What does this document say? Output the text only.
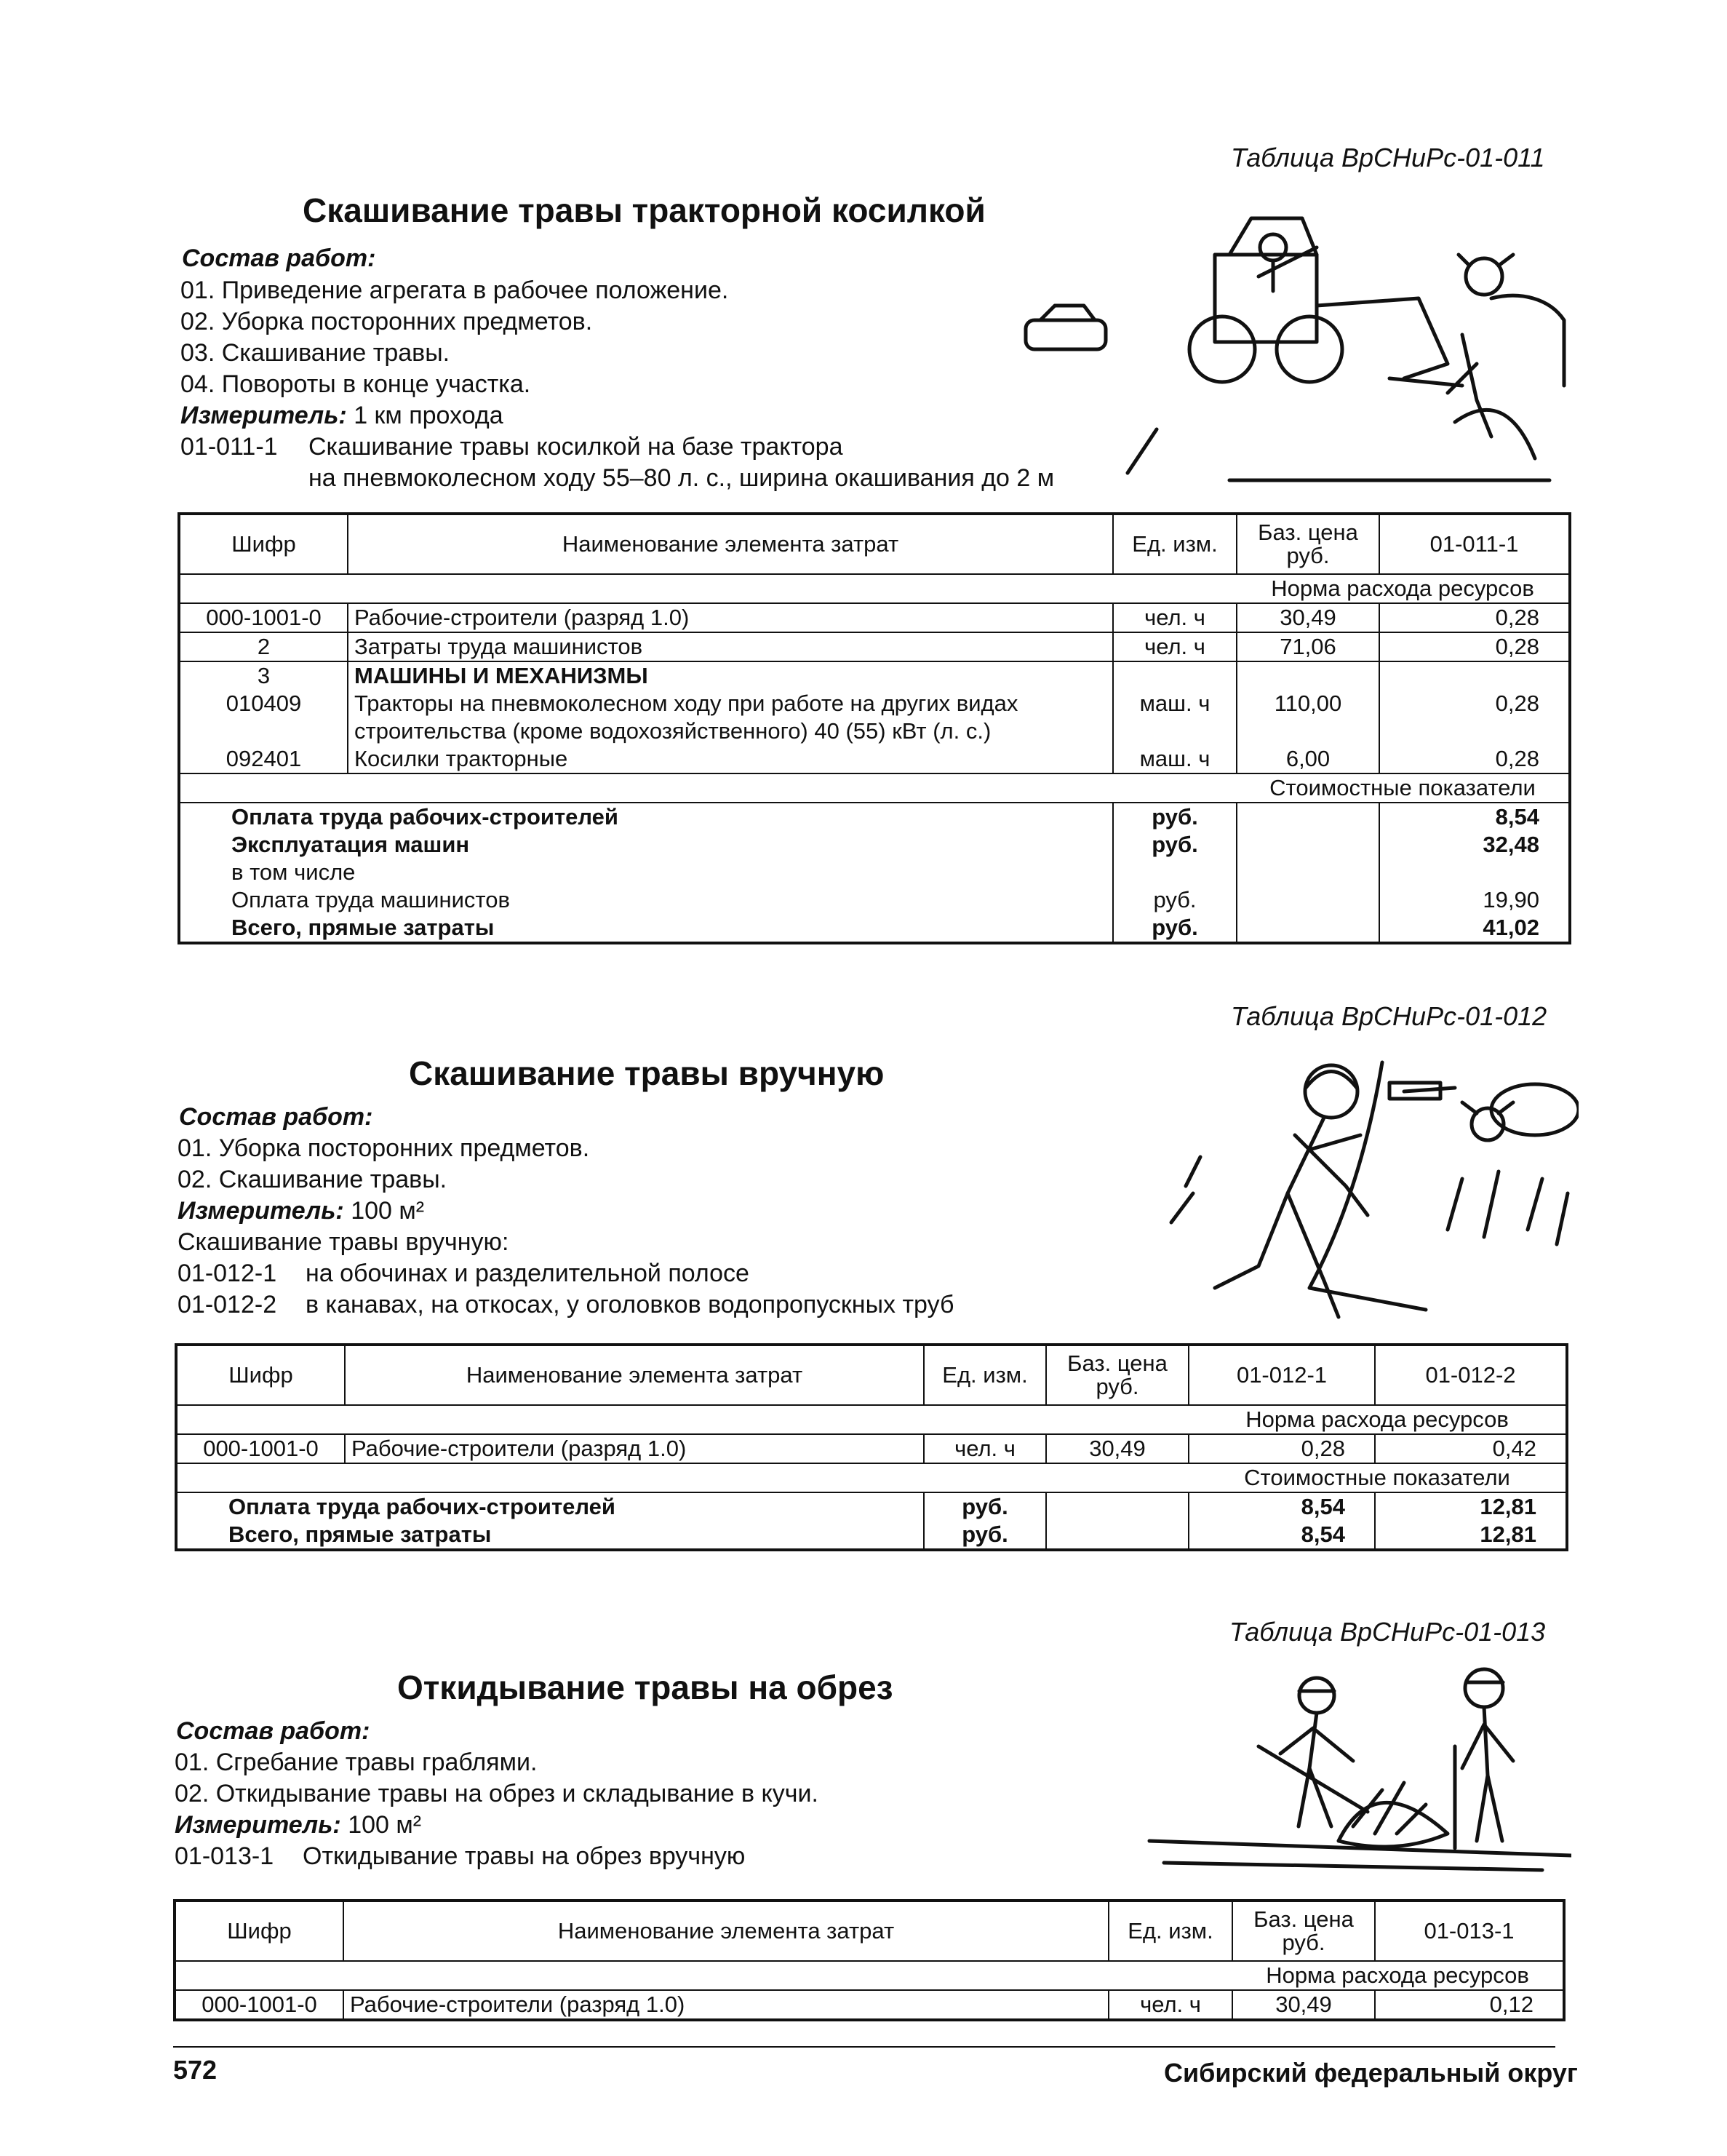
Таблица ВрСНиРс-01-011
Скашивание травы тракторной косилкой
Состав работ:
01. Приведение агрегата в рабочее положение.
02. Уборка посторонних предметов.
03. Скашивание травы.
04. Повороты в конце участка.
Измеритель: 1 км прохода
01-011-1 Скашивание травы косилкой на базе трактора
на пневмоколесном ходу 55–80 л. с., ширина окашивания до 2 м
Шифр	Наименование элемента затрат	Ед. изм.	Баз. цена руб.	01-011-1
			Норма расхода ресурсов	
000-1001-0	Рабочие-строители (разряд 1.0)	чел. ч	30,49	0,28
2	Затраты труда машинистов	чел. ч	71,06	0,28
3	МАШИНЫ И МЕХАНИЗМЫ			
010409	Тракторы на пневмоколесном ходу при работе на других видах	маш. ч	110,00	0,28
	строительства (кроме водохозяйственного) 40 (55) кВт (л. с.)			
092401	Косилки тракторные	маш. ч	6,00	0,28
			Стоимостные показатели	
Оплата труда рабочих-строителей		руб.		8,54
Эксплуатация машин		руб.		32,48
в том числе				
Оплата труда машинистов		руб.		19,90
Всего, прямые затраты		руб.		41,02
Таблица ВрСНиРс-01-012
Скашивание травы вручную
Состав работ:
01. Уборка посторонних предметов.
02. Скашивание травы.
Измеритель: 100 м²
Скашивание травы вручную:
01-012-1 на обочинах и разделительной полосе
01-012-2 в канавах, на откосах, у оголовков водопропускных труб
Шифр	Наименование элемента затрат	Ед. изм.	Баз. цена руб.	01-012-1	01-012-2
				Норма расхода ресурсов	
000-1001-0	Рабочие-строители (разряд 1.0)	чел. ч	30,49	0,28	0,42
				Стоимостные показатели	
Оплата труда рабочих-строителей		руб.		8,54	12,81
Всего, прямые затраты		руб.		8,54	12,81
Таблица ВрСНиРс-01-013
Откидывание травы на обрез
Состав работ:
01. Сгребание травы граблями.
02. Откидывание травы на обрез и складывание в кучи.
Измеритель: 100 м²
01-013-1 Откидывание травы на обрез вручную
Шифр	Наименование элемента затрат	Ед. изм.	Баз. цена руб.	01-013-1
			Норма расхода ресурсов	
000-1001-0	Рабочие-строители (разряд 1.0)	чел. ч	30,49	0,12
572	Сибирский федеральный округ
